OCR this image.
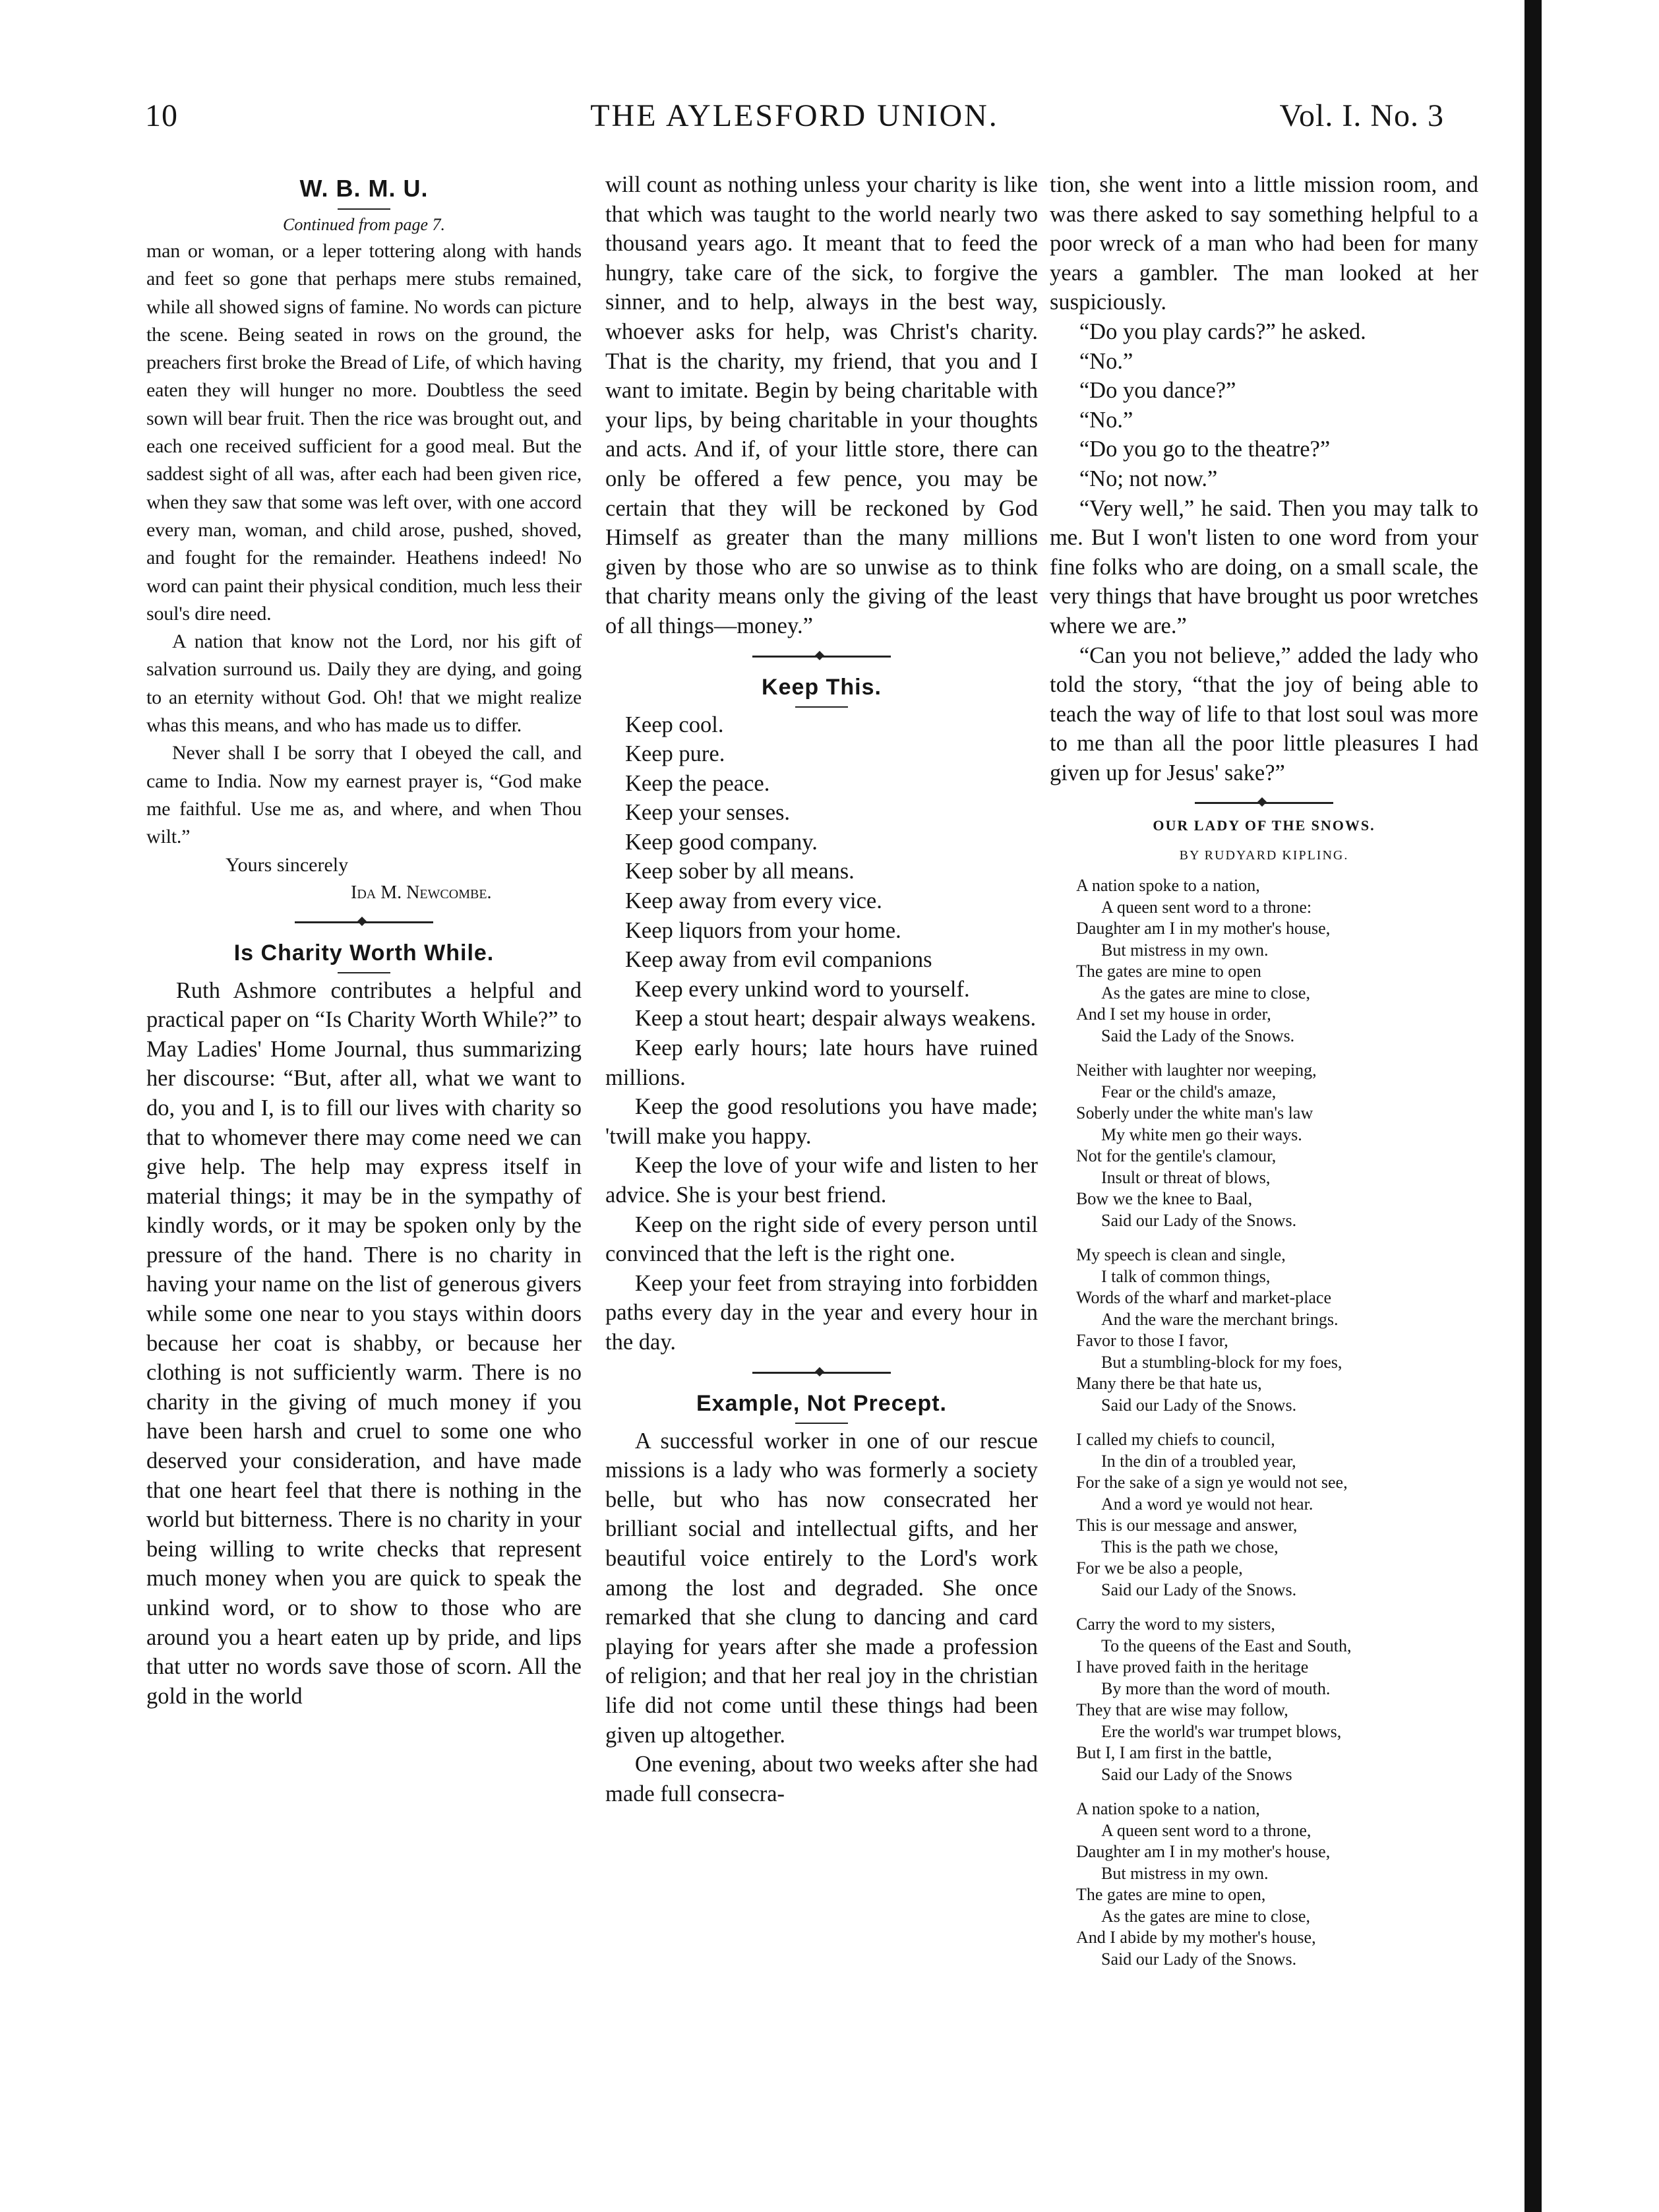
10	THE AYLESFORD UNION.	Vol. I. No. 3
W. B. M. U.
Continued from page 7.

man or woman, or a leper tottering along with hands and feet so gone that perhaps mere stubs remained, while all showed signs of famine. No words can picture the scene. Being seated in rows on the ground, the preachers first broke the Bread of Life, of which having eaten they will hunger no more. Doubtless the seed sown will bear fruit. Then the rice was brought out, and each one received sufficient for a good meal. But the saddest sight of all was, after each had been given rice, when they saw that some was left over, with one accord every man, woman, and child arose, pushed, shoved, and fought for the remainder. Heathens indeed! No word can paint their physical condition, much less their soul's dire need.

A nation that know not the Lord, nor his gift of salvation surround us. Daily they are dying, and going to an eternity without God. Oh! that we might realize whas this means, and who has made us to differ.

Never shall I be sorry that I obeyed the call, and came to India. Now my earnest prayer is, “God make me faithful. Use me as, and where, and when Thou wilt.”

Yours sincerely
Ida M. Newcombe.
Is Charity Worth While.

Ruth Ashmore contributes a helpful and practical paper on “Is Charity Worth While?” to May Ladies' Home Journal, thus summarizing her discourse: “But, after all, what we want to do, you and I, is to fill our lives with charity so that to whomever there may come need we can give help. The help may express itself in material things; it may be in the sympathy of kindly words, or it may be spoken only by the pressure of the hand. There is no charity in having your name on the list of generous givers while some one near to you stays within doors because her coat is shabby, or because her clothing is not sufficiently warm. There is no charity in the giving of much money if you have been harsh and cruel to some one who deserved your consideration, and have made that one heart feel that there is nothing in the world but bitterness. There is no charity in your being willing to write checks that represent much money when you are quick to speak the unkind word, or to show to those who are around you a heart eaten up by pride, and lips that utter no words save those of scorn. All the gold in the world

will count as nothing unless your charity is like that which was taught to the world nearly two thousand years ago. It meant that to feed the hungry, take care of the sick, to forgive the sinner, and to help, always in the best way, whoever asks for help, was Christ's charity. That is the charity, my friend, that you and I want to imitate. Begin by being charitable with your lips, by being charitable in your thoughts and acts. And if, of your little store, there can only be offered a few pence, you may be certain that they will be reckoned by God Himself as greater than the many millions given by those who are so unwise as to think that charity means only the giving of the least of all things—money.”

Keep This.

Keep cool.

Keep pure.

Keep the peace.

Keep your senses.

Keep good company.

Keep sober by all means.

Keep away from every vice.

Keep liquors from your home.

Keep away from evil companions

Keep every unkind word to yourself.

Keep a stout heart; despair always weakens.

Keep early hours; late hours have ruined millions.

Keep the good resolutions you have made; 'twill make you happy.

Keep the love of your wife and listen to her advice. She is your best friend.

Keep on the right side of every person until convinced that the left is the right one.

Keep your feet from straying into forbidden paths every day in the year and every hour in the day.

Example, Not Precept.

A successful worker in one of our rescue missions is a lady who was formerly a society belle, but who has now consecrated her brilliant social and intellectual gifts, and her beautiful voice entirely to the Lord's work among the lost and degraded. She once remarked that she clung to dancing and card playing for years after she made a profession of religion; and that her real joy in the christian life did not come until these things had been given up altogether.

One evening, about two weeks after she had made full consecra-

tion, she went into a little mission room, and was there asked to say something helpful to a poor wreck of a man who had been for many years a gambler. The man looked at her suspiciously.

“Do you play cards?” he asked.

“No.”

“Do you dance?”

“No.”

“Do you go to the theatre?”

“No; not now.”

“Very well,” he said. Then you may talk to me. But I won't listen to one word from your fine folks who are doing, on a small scale, the very things that have brought us poor wretches where we are.”

“Can you not believe,” added the lady who told the story, “that the joy of being able to teach the way of life to that lost soul was more to me than all the poor little pleasures I had given up for Jesus' sake?”

OUR LADY OF THE SNOWS.
BY RUDYARD KIPLING.
A nation spoke to a nation,
A queen sent word to a throne:
Daughter am I in my mother's house,
But mistress in my own.
The gates are mine to open
As the gates are mine to close,
And I set my house in order,
Said the Lady of the Snows.
Neither with laughter nor weeping,
Fear or the child's amaze,
Soberly under the white man's law
My white men go their ways.
Not for the gentile's clamour,
Insult or threat of blows,
Bow we the knee to Baal,
Said our Lady of the Snows.
My speech is clean and single,
I talk of common things,
Words of the wharf and market-place
And the ware the merchant brings.
Favor to those I favor,
But a stumbling-block for my foes,
Many there be that hate us,
Said our Lady of the Snows.
I called my chiefs to council,
In the din of a troubled year,
For the sake of a sign ye would not see,
And a word ye would not hear.
This is our message and answer,
This is the path we chose,
For we be also a people,
Said our Lady of the Snows.
Carry the word to my sisters,
To the queens of the East and South,
I have proved faith in the heritage
By more than the word of mouth.
They that are wise may follow,
Ere the world's war trumpet blows,
But I, I am first in the battle,
Said our Lady of the Snows
A nation spoke to a nation,
A queen sent word to a throne,
Daughter am I in my mother's house,
But mistress in my own.
The gates are mine to open,
As the gates are mine to close,
And I abide by my mother's house,
Said our Lady of the Snows.
